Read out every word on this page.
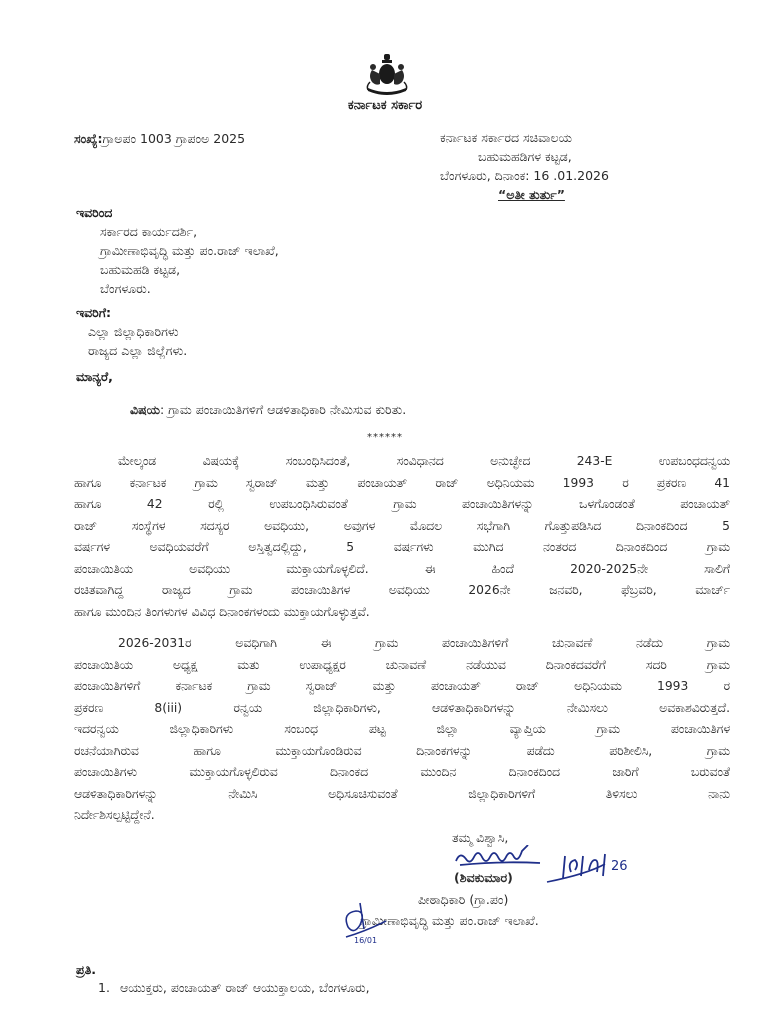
ಕರ್ನಾಟಕ ಸರ್ಕಾರ
ಸಂಖ್ಯೆ:ಗ್ರಾಅಪಂ 1003 ಗ್ರಾಪಂಅ 2025	ಕರ್ನಾಟಕ ಸರ್ಕಾರದ ಸಚಿವಾಲಯ
ಬಹುಮಹಡಿಗಳ ಕಟ್ಟಡ,
ಬೆಂಗಳೂರು, ದಿನಾಂಕ: 16 .01.2026
“ಅತೀ ತುರ್ತು”
ಇವರಿಂದ
ಸರ್ಕಾರದ ಕಾರ್ಯದರ್ಶಿ,
ಗ್ರಾಮೀಣಾಭಿವೃದ್ಧಿ ಮತ್ತು ಪಂ.ರಾಜ್ ಇಲಾಖೆ,
ಬಹುಮಹಡಿ ಕಟ್ಟಡ,
ಬೆಂಗಳೂರು.
ಇವರಿಗೆ:
ಎಲ್ಲಾ ಜಿಲ್ಲಾಧಿಕಾರಿಗಳು
ರಾಜ್ಯದ ಎಲ್ಲಾ ಜಿಲ್ಲೆಗಳು.
ಮಾನ್ಯರೆ,
ವಿಷಯ: ಗ್ರಾಮ ಪಂಚಾಯಿತಿಗಳಿಗೆ ಆಡಳಿತಾಧಿಕಾರಿ ನೇಮಿಸುವ ಕುರಿತು.
******
ಮೇಲ್ಕಂಡ ವಿಷಯಕ್ಕೆ ಸಂಬಂಧಿಸಿದಂತೆ, ಸಂವಿಧಾನದ ಅನುಚ್ಛೇದ 243-E ಉಪಬಂಧದನ್ವಯ
ಹಾಗೂ ಕರ್ನಾಟಕ ಗ್ರಾಮ ಸ್ವರಾಜ್ ಮತ್ತು ಪಂಚಾಯತ್ ರಾಜ್ ಅಧಿನಿಯಮ 1993 ರ ಪ್ರಕರಣ 41
ಹಾಗೂ 42 ರಲ್ಲಿ ಉಪಬಂಧಿಸಿರುವಂತೆ ಗ್ರಾಮ ಪಂಚಾಯಿತಿಗಳನ್ನು ಒಳಗೊಂಡಂತೆ ಪಂಚಾಯತ್
ರಾಜ್ ಸಂಸ್ಥೆಗಳ ಸದಸ್ಯರ ಅವಧಿಯು, ಅವುಗಳ ಮೊದಲ ಸಭೆಗಾಗಿ ಗೊತ್ತುಪಡಿಸಿದ ದಿನಾಂಕದಿಂದ 5
ವರ್ಷಗಳ ಅವಧಿಯವರೆಗೆ ಅಸ್ತಿತ್ವದಲ್ಲಿದ್ದು, 5 ವರ್ಷಗಳು ಮುಗಿದ ನಂತರದ ದಿನಾಂಕದಿಂದ ಗ್ರಾಮ
ಪಂಚಾಯಿತಿಯ ಅವಧಿಯು ಮುಕ್ತಾಯಗೊಳ್ಳಲಿದೆ. ಈ ಹಿಂದೆ 2020-2025ನೇ ಸಾಲಿಗೆ
ರಚಿತವಾಗಿದ್ದ ರಾಜ್ಯದ ಗ್ರಾಮ ಪಂಚಾಯಿತಿಗಳ ಅವಧಿಯು 2026ನೇ ಜನವರಿ, ಫೆಬ್ರವರಿ, ಮಾರ್ಚ್
ಹಾಗೂ ಮುಂದಿನ ತಿಂಗಳುಗಳ ವಿವಿಧ ದಿನಾಂಕಗಳಂದು ಮುಕ್ತಾಯಗೊಳ್ಳುತ್ತವೆ.
2026-2031ರ ಅವಧಿಗಾಗಿ ಈ ಗ್ರಾಮ ಪಂಚಾಯಿತಿಗಳಿಗೆ ಚುನಾವಣೆ ನಡೆದು ಗ್ರಾಮ
ಪಂಚಾಯಿತಿಯ ಅಧ್ಯಕ್ಷ ಮತು ಉಪಾಧ್ಯಕ್ಷರ ಚುನಾವಣೆ ನಡೆಯುವ ದಿನಾಂಕದವರೆಗೆ ಸದರಿ ಗ್ರಾಮ
ಪಂಚಾಯಿತಿಗಳಿಗೆ ಕರ್ನಾಟಕ ಗ್ರಾಮ ಸ್ವರಾಜ್ ಮತ್ತು ಪಂಚಾಯತ್ ರಾಜ್ ಅಧಿನಿಯಮ 1993 ರ
ಪ್ರಕರಣ 8(iii) ರನ್ವಯ ಜಿಲ್ಲಾಧಿಕಾರಿಗಳು, ಆಡಳಿತಾಧಿಕಾರಿಗಳನ್ನು ನೇಮಿಸಲು ಅವಕಾಶವಿರುತ್ತದೆ.
ಇದರನ್ವಯ ಜಿಲ್ಲಾಧಿಕಾರಿಗಳು ಸಂಬಂಧ ಪಟ್ಟ ಜಿಲ್ಲಾ ವ್ಯಾಪ್ತಿಯ ಗ್ರಾಮ ಪಂಚಾಯಿತಿಗಳ
ರಚನೆಯಾಗಿರುವ ಹಾಗೂ ಮುಕ್ತಾಯಗೊಂಡಿರುವ ದಿನಾಂಕಗಳನ್ನು ಪಡೆದು ಪರಿಶೀಲಿಸಿ, ಗ್ರಾಮ
ಪಂಚಾಯಿತಿಗಳು ಮುಕ್ತಾಯಗೊಳ್ಳಲಿರುವ ದಿನಾಂಕದ ಮುಂದಿನ ದಿನಾಂಕದಿಂದ ಜಾರಿಗೆ ಬರುವಂತೆ
ಆಡಳಿತಾಧಿಕಾರಿಗಳನ್ನು ನೇಮಿಸಿ ಅಧಿಸೂಚಿಸುವಂತೆ ಜಿಲ್ಲಾಧಿಕಾರಿಗಳಿಗೆ ತಿಳಿಸಲು ನಾನು
ನಿರ್ದೇಶಿಸಲ್ಪಟ್ಟಿದ್ದೇನೆ.
ತಮ್ಮ ವಿಶ್ವಾಸಿ,
(ಶಿವಕುಮಾರ)
26
ಪೀಠಾಧಿಕಾರಿ (ಗ್ರಾ.ಪಂ)
ಗ್ರಾಮೀಣಾಭಿವೃದ್ಧಿ ಮತ್ತು ಪಂ.ರಾಜ್ ಇಲಾಖೆ.
16/01
ಪ್ರತಿ.
1. ಆಯುಕ್ತರು, ಪಂಚಾಯತ್ ರಾಜ್ ಆಯುಕ್ತಾಲಯ, ಬೆಂಗಳೂರು,
